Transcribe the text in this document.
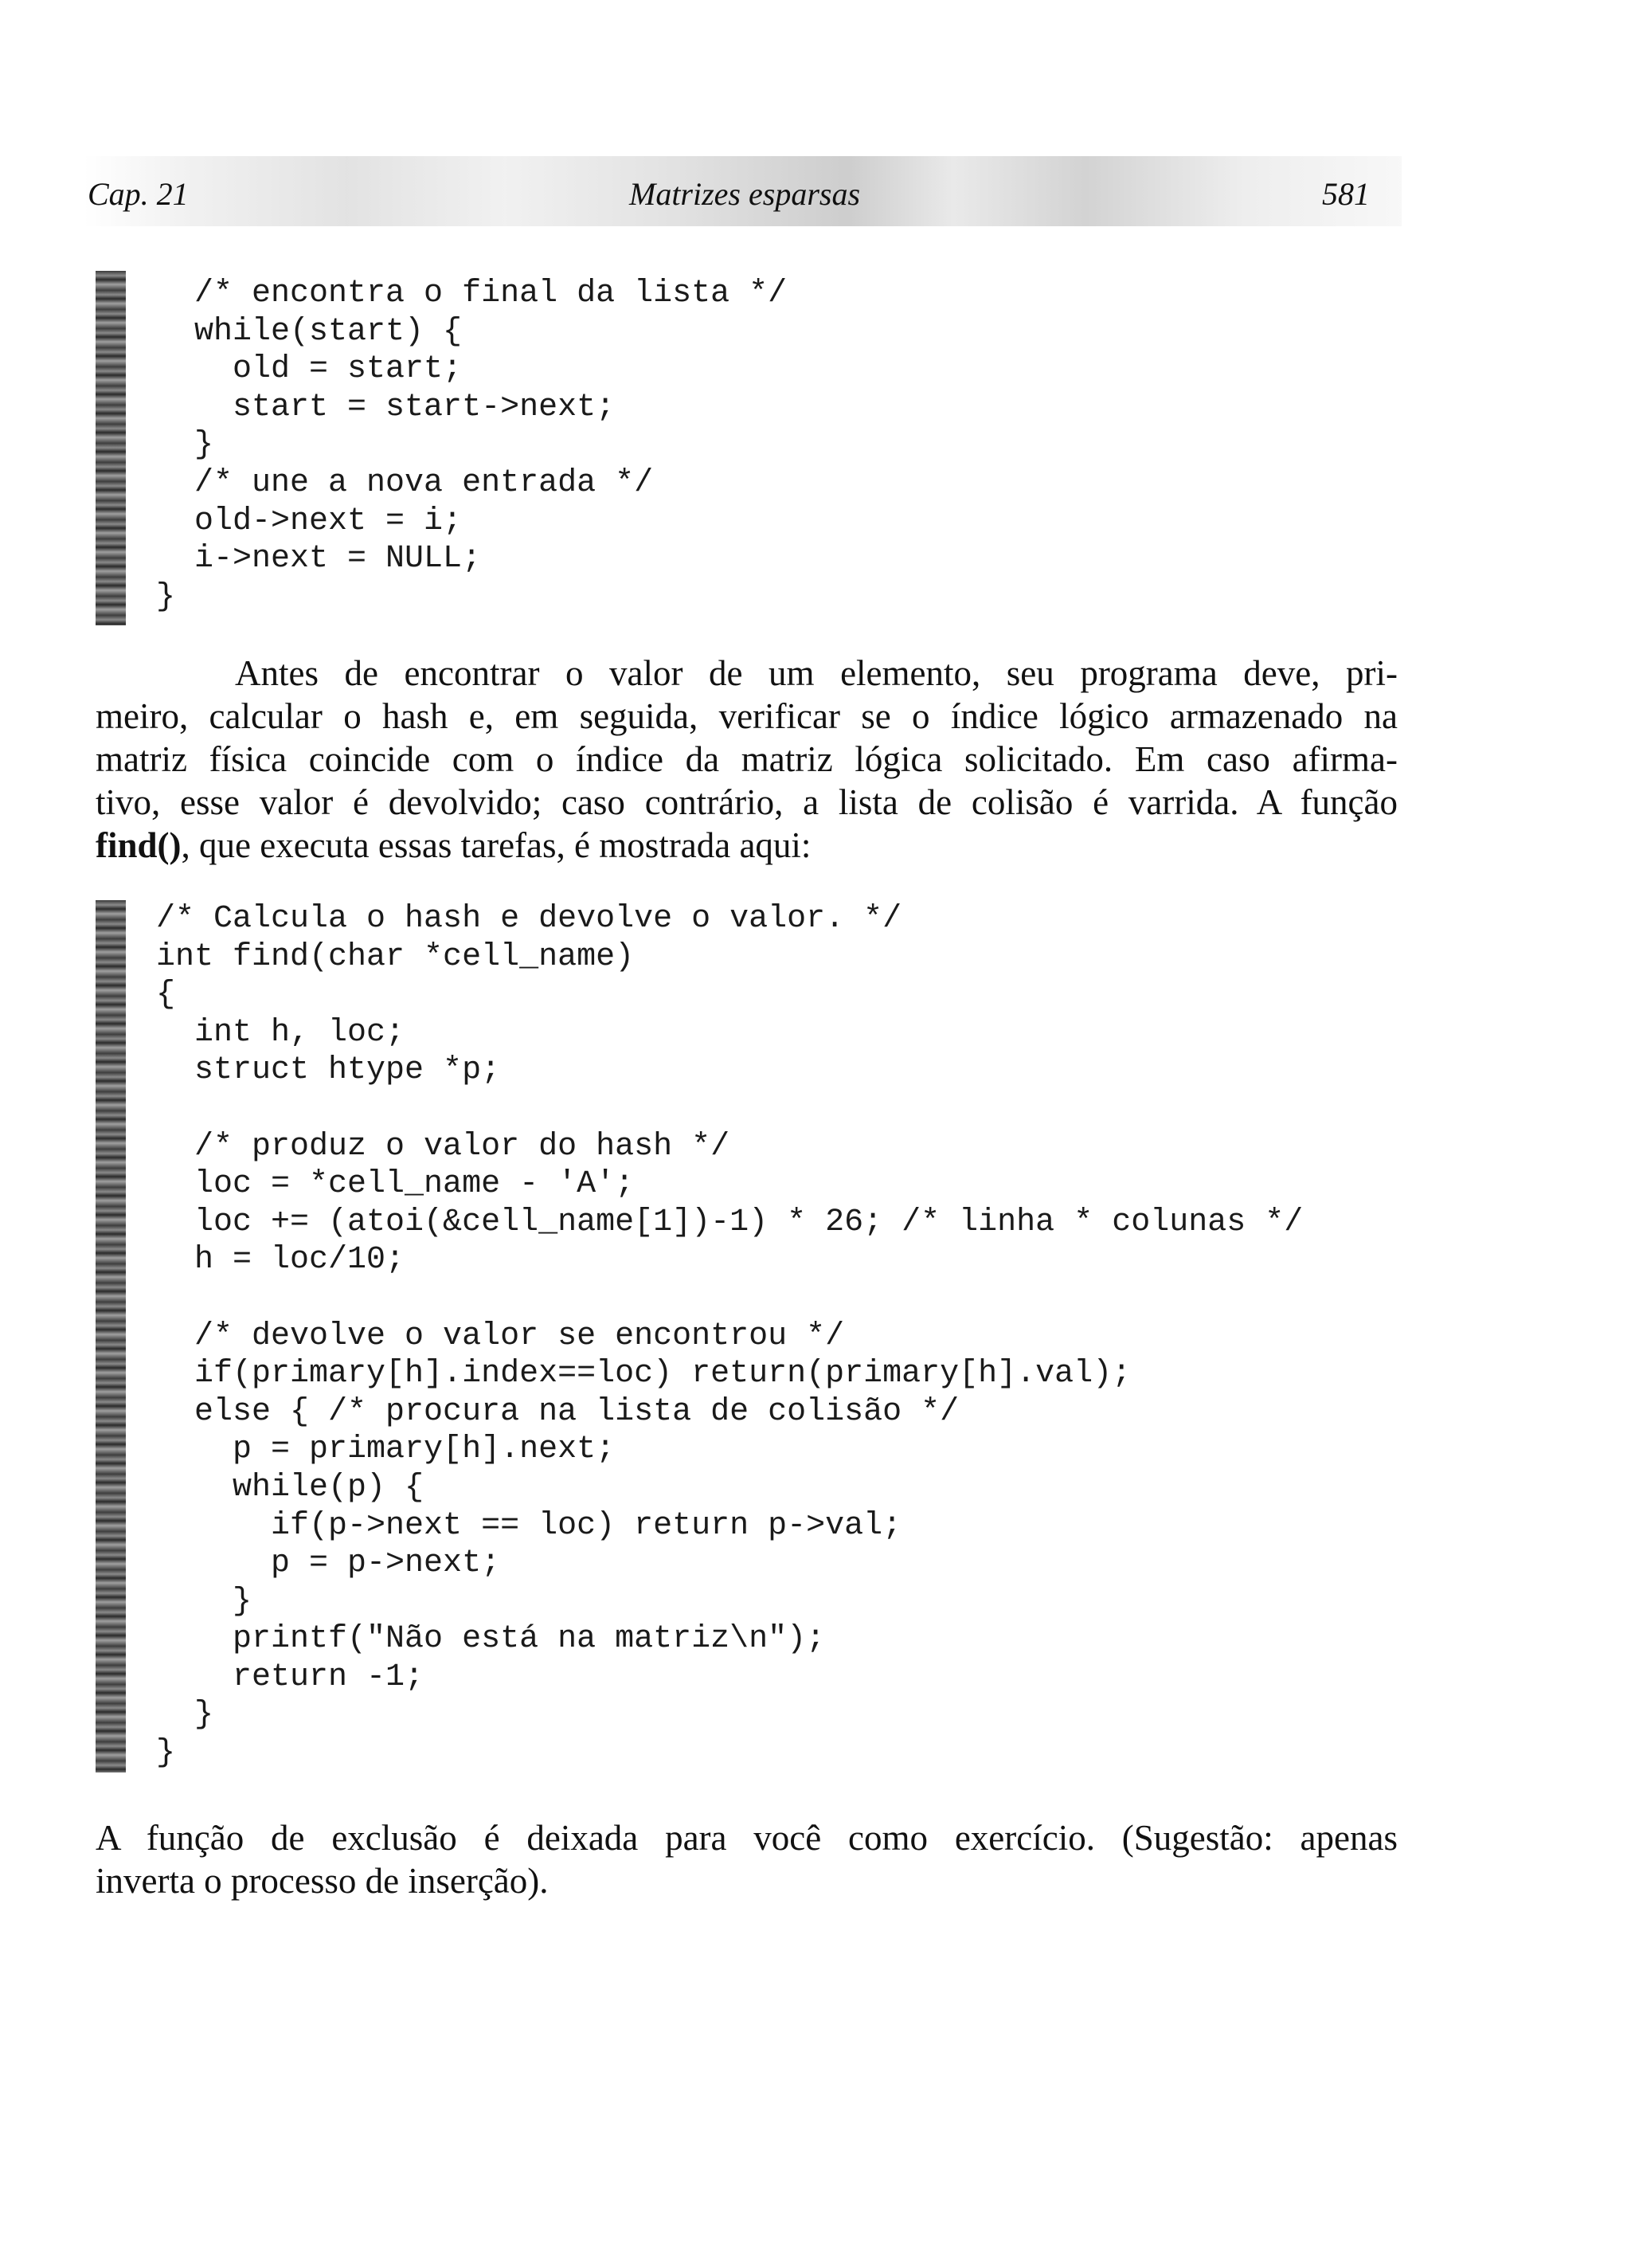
Cap. 21	Matrizes esparsas	581
/* encontra o final da lista */
while(start) {
old = start;
start = start->next;
}
/* une a nova entrada */
old->next = i;
i->next = NULL;
}
Antes de encontrar o valor de um elemento, seu programa deve, pri-
meiro, calcular o hash e, em seguida, verificar se o índice lógico armazenado na
matriz física coincide com o índice da matriz lógica solicitado. Em caso afirma-
tivo, esse valor é devolvido; caso contrário, a lista de colisão é varrida. A função
find(), que executa essas tarefas, é mostrada aqui:
/* Calcula o hash e devolve o valor. */
int find(char *cell_name)
{
int h, loc;
struct htype *p;

/* produz o valor do hash */
loc = *cell_name - 'A';
loc += (atoi(&cell_name[1])-1) * 26; /* linha * colunas */
h = loc/10;

/* devolve o valor se encontrou */
if(primary[h].index==loc) return(primary[h].val);
else { /* procura na lista de colisão */
p = primary[h].next;
while(p) {
if(p->next == loc) return p->val;
p = p->next;
}
printf("Não está na matriz\n");
return -1;
}
}
A função de exclusão é deixada para você como exercício. (Sugestão: apenas
inverta o processo de inserção).
